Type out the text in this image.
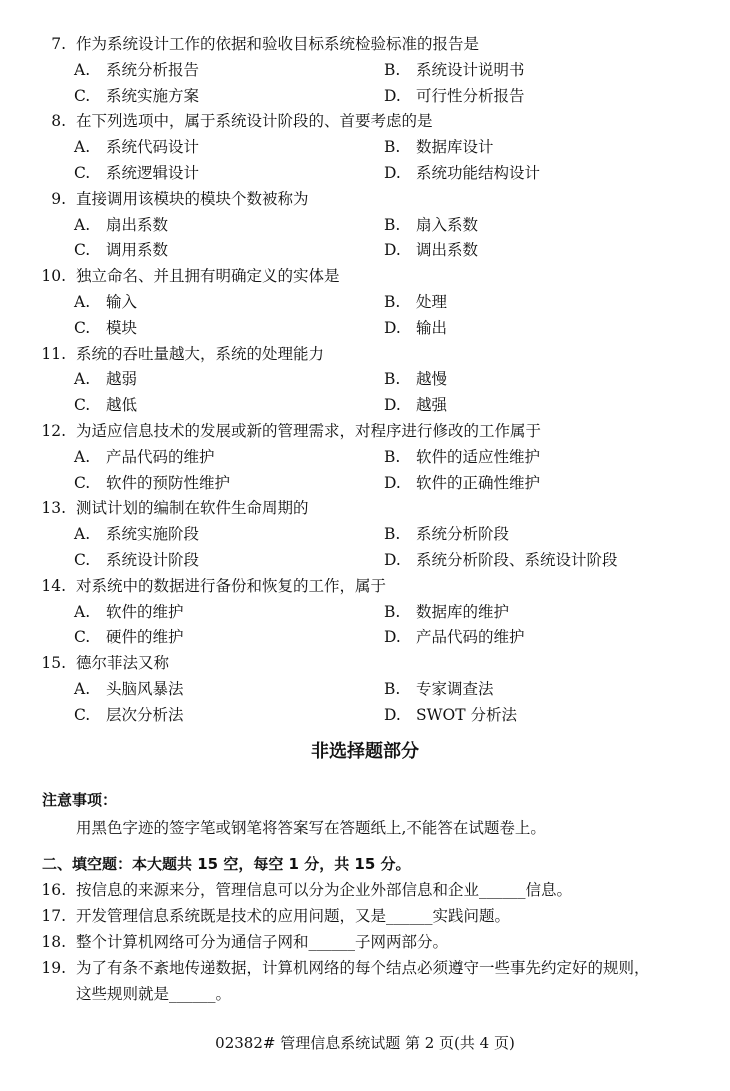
7. 作为系统设计工作的依据和验收目标系统检验标准的报告是
A. 系统分析报告	B. 系统设计说明书
C. 系统实施方案	D. 可行性分析报告
8. 在下列选项中，属于系统设计阶段的、首要考虑的是
A. 系统代码设计	B. 数据库设计
C. 系统逻辑设计	D. 系统功能结构设计
9. 直接调用该模块的模块个数被称为
A. 扇出系数	B. 扇入系数
C. 调用系数	D. 调出系数
10. 独立命名、并且拥有明确定义的实体是
A. 输入	B. 处理
C. 模块	D. 输出
11. 系统的吞吐量越大，系统的处理能力
A. 越弱	B. 越慢
C. 越低	D. 越强
12. 为适应信息技术的发展或新的管理需求，对程序进行修改的工作属于
A. 产品代码的维护	B. 软件的适应性维护
C. 软件的预防性维护	D. 软件的正确性维护
13. 测试计划的编制在软件生命周期的
A. 系统实施阶段	B. 系统分析阶段
C. 系统设计阶段	D. 系统分析阶段、系统设计阶段
14. 对系统中的数据进行备份和恢复的工作，属于
A. 软件的维护	B. 数据库的维护
C. 硬件的维护	D. 产品代码的维护
15. 德尔菲法又称
A. 头脑风暴法	B. 专家调查法
C. 层次分析法	D. SWOT 分析法
非选择题部分
注意事项：
用黑色字迹的签字笔或钢笔将答案写在答题纸上,不能答在试题卷上。
二、填空题：本大题共 15 空，每空 1 分，共 15 分。
16. 按信息的来源来分，管理信息可以分为企业外部信息和企业______信息。
17. 开发管理信息系统既是技术的应用问题，又是______实践问题。
18. 整个计算机网络可分为通信子网和______子网两部分。
19. 为了有条不紊地传递数据，计算机网络的每个结点必须遵守一些事先约定好的规则，
这些规则就是______。
02382# 管理信息系统试题 第 2 页(共 4 页)
